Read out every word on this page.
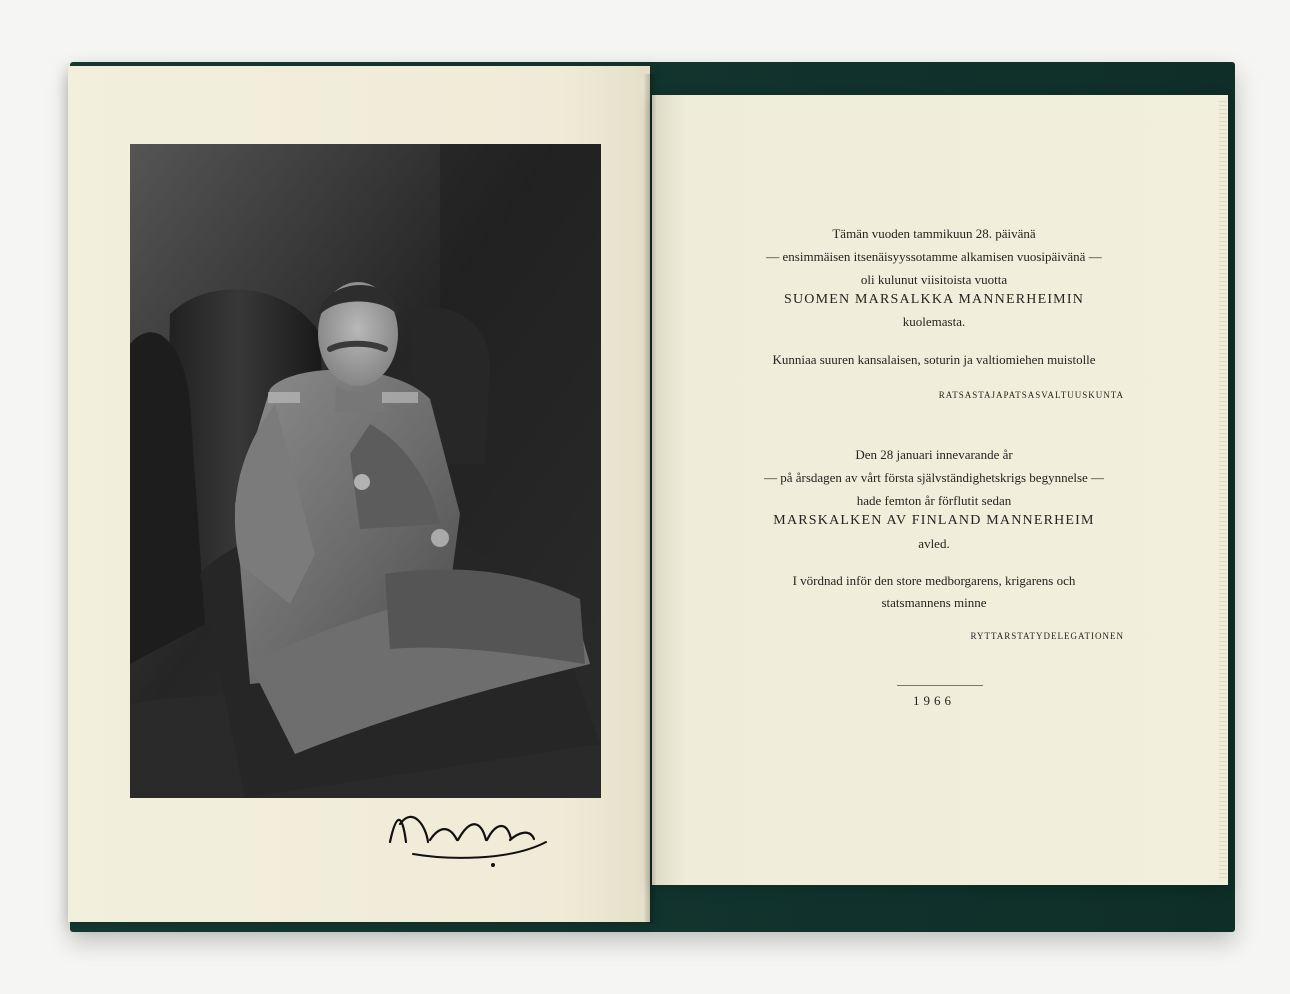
Tämän vuoden tammikuun 28. päivänä
— ensimmäisen itsenäisyyssotamme alkamisen vuosipäivänä —
oli kulunut viisitoista vuotta
SUOMEN MARSALKKA MANNERHEIMIN
kuolemasta.
Kunniaa suuren kansalaisen, soturin ja valtiomiehen muistolle
RATSASTAJAPATSASVALTUUSKUNTA
Den 28 januari innevarande år
— på årsdagen av vårt första självständighetskrigs begynnelse —
hade femton år förflutit sedan
MARSKALKEN AV FINLAND MANNERHEIM
avled.
I vördnad inför den store medborgarens, krigarens och
statsmannens minne
RYTTARSTATYDELEGATIONEN
1966
